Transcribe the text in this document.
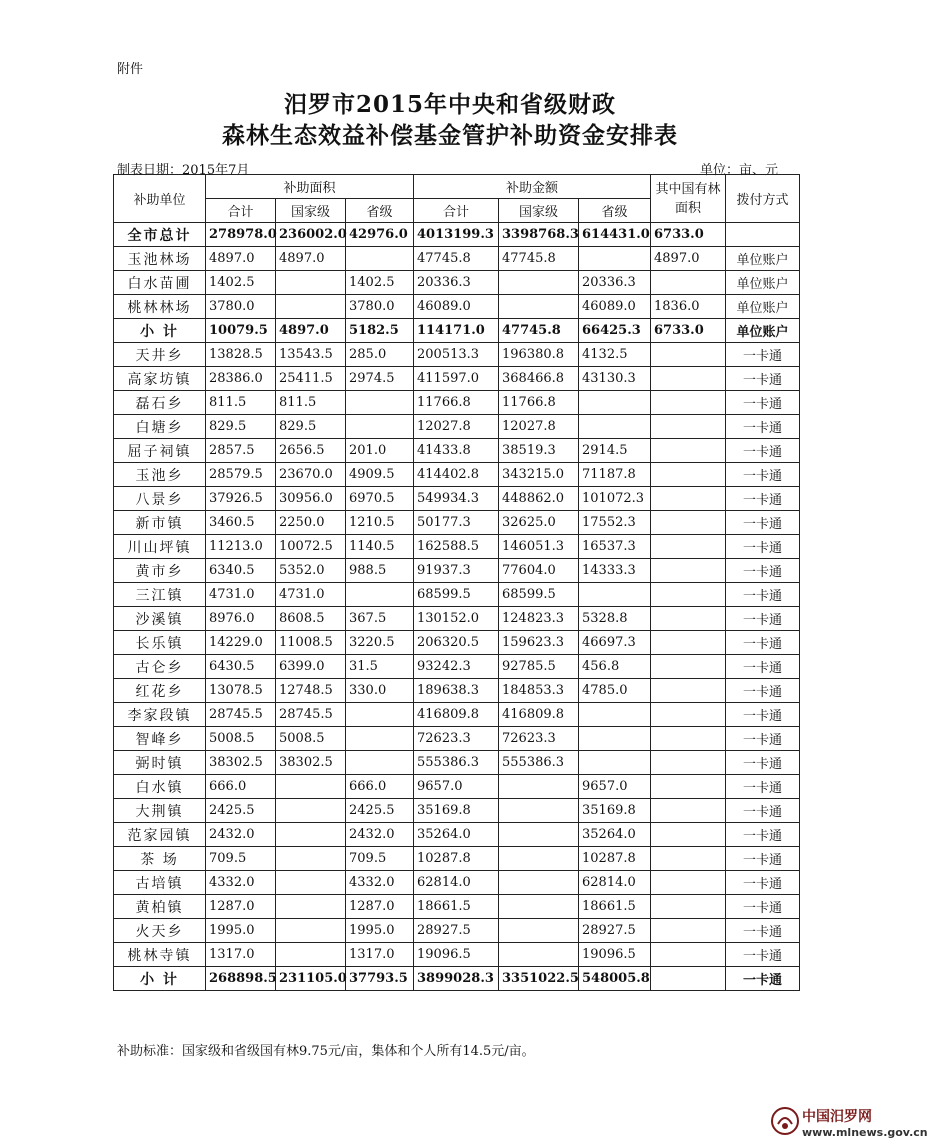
附件
汨罗市2015年中央和省级财政
森林生态效益补偿基金管护补助资金安排表
制表日期：2015年7月	单位：亩、元
补助单位	补助面积			补助金额			其中国有林面积	拨付方式
	合计	国家级	省级	合计	国家级	省级		
全市总计	278978.0	236002.0	42976.0	4013199.3	3398768.3	614431.0	6733.0	
玉池林场	4897.0	4897.0		47745.8	47745.8		4897.0	单位账户
白水苗圃	1402.5		1402.5	20336.3		20336.3		单位账户
桃林林场	3780.0		3780.0	46089.0		46089.0	1836.0	单位账户
小 计	10079.5	4897.0	5182.5	114171.0	47745.8	66425.3	6733.0	单位账户
天井乡	13828.5	13543.5	285.0	200513.3	196380.8	4132.5		一卡通
高家坊镇	28386.0	25411.5	2974.5	411597.0	368466.8	43130.3		一卡通
磊石乡	811.5	811.5		11766.8	11766.8			一卡通
白塘乡	829.5	829.5		12027.8	12027.8			一卡通
屈子祠镇	2857.5	2656.5	201.0	41433.8	38519.3	2914.5		一卡通
玉池乡	28579.5	23670.0	4909.5	414402.8	343215.0	71187.8		一卡通
八景乡	37926.5	30956.0	6970.5	549934.3	448862.0	101072.3		一卡通
新市镇	3460.5	2250.0	1210.5	50177.3	32625.0	17552.3		一卡通
川山坪镇	11213.0	10072.5	1140.5	162588.5	146051.3	16537.3		一卡通
黄市乡	6340.5	5352.0	988.5	91937.3	77604.0	14333.3		一卡通
三江镇	4731.0	4731.0		68599.5	68599.5			一卡通
沙溪镇	8976.0	8608.5	367.5	130152.0	124823.3	5328.8		一卡通
长乐镇	14229.0	11008.5	3220.5	206320.5	159623.3	46697.3		一卡通
古仑乡	6430.5	6399.0	31.5	93242.3	92785.5	456.8		一卡通
红花乡	13078.5	12748.5	330.0	189638.3	184853.3	4785.0		一卡通
李家段镇	28745.5	28745.5		416809.8	416809.8			一卡通
智峰乡	5008.5	5008.5		72623.3	72623.3			一卡通
弼时镇	38302.5	38302.5		555386.3	555386.3			一卡通
白水镇	666.0		666.0	9657.0		9657.0		一卡通
大荆镇	2425.5		2425.5	35169.8		35169.8		一卡通
范家园镇	2432.0		2432.0	35264.0		35264.0		一卡通
茶 场	709.5		709.5	10287.8		10287.8		一卡通
古培镇	4332.0		4332.0	62814.0		62814.0		一卡通
黄柏镇	1287.0		1287.0	18661.5		18661.5		一卡通
火天乡	1995.0		1995.0	28927.5		28927.5		一卡通
桃林寺镇	1317.0		1317.0	19096.5		19096.5		一卡通
小 计	268898.5	231105.0	37793.5	3899028.3	3351022.5	548005.8		一卡通
补助标准：国家级和省级国有林9.75元/亩，集体和个人所有14.5元/亩。
中国汨罗网
www.mlnews.gov.cn
